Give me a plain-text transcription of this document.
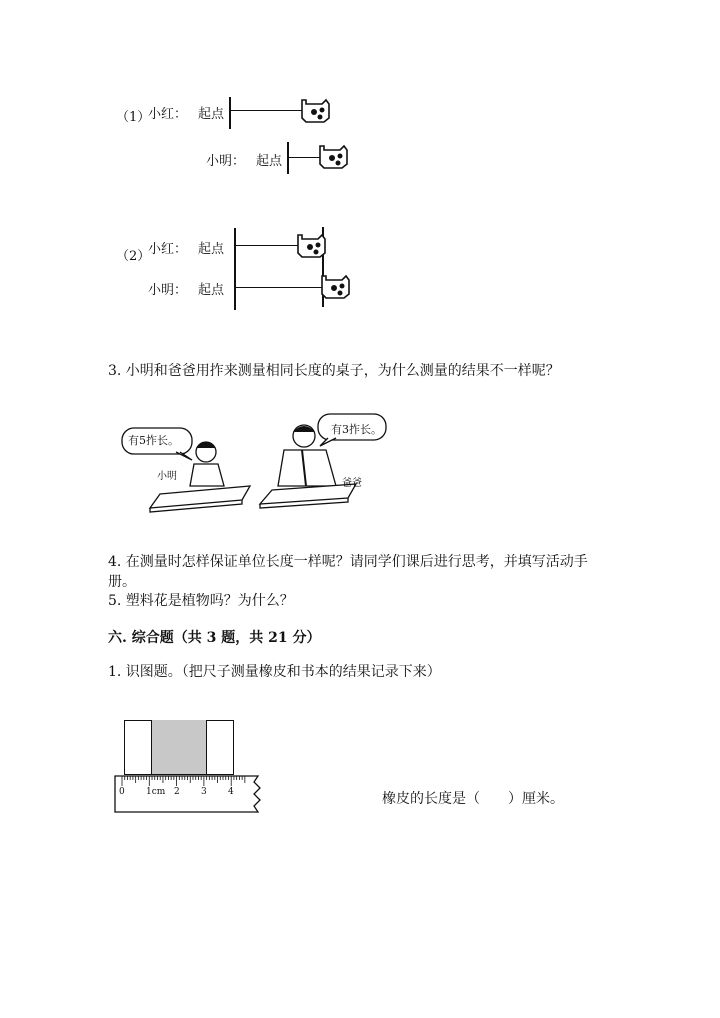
（1）
小红： 起点
小明： 起点
（2）
小红： 起点
小明： 起点
3. 小明和爸爸用拃来测量相同长度的桌子，为什么测量的结果不一样呢？
有5拃长。
小明
有3拃长。
爸爸
4. 在测量时怎样保证单位长度一样呢？请同学们课后进行思考，并填写活动手
册。
5. 塑料花是植物吗？为什么？
六. 综合题（共 3 题，共 21 分）
1. 识图题。（把尺子测量橡皮和书本的结果记录下来）
0 1cm 2 3 4	橡皮的长度是（　　）厘米。
